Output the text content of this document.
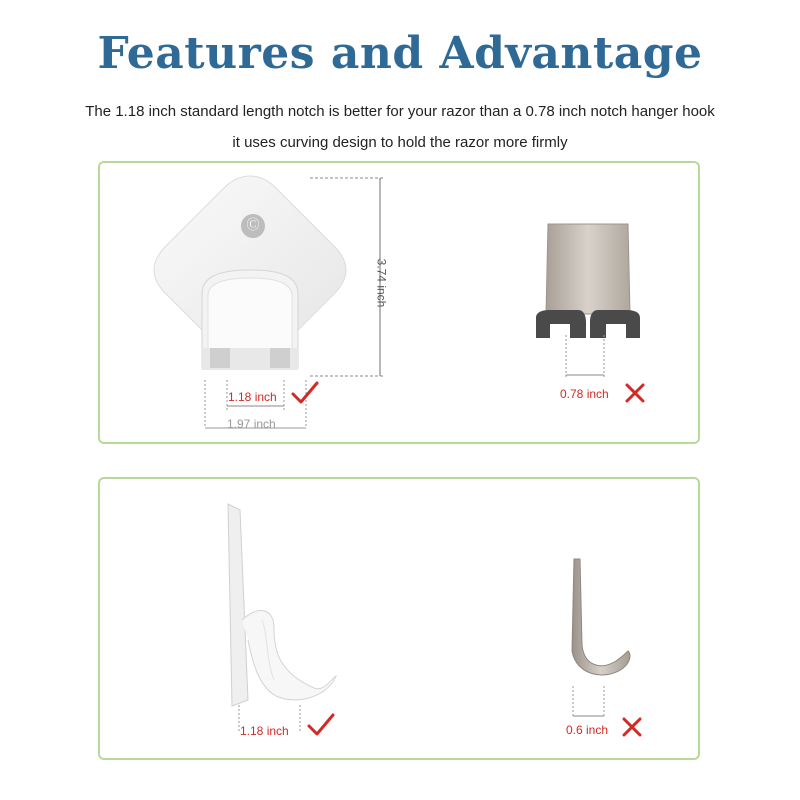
Features and Advantage
The 1.18 inch standard length notch is better for your razor than a 0.78 inch notch hanger hook
it uses curving design to hold the razor more firmly
Ⓒ
3.74 inch
1.18 inch
1.97 inch
0.78 inch
1.18 inch	0.6 inch
